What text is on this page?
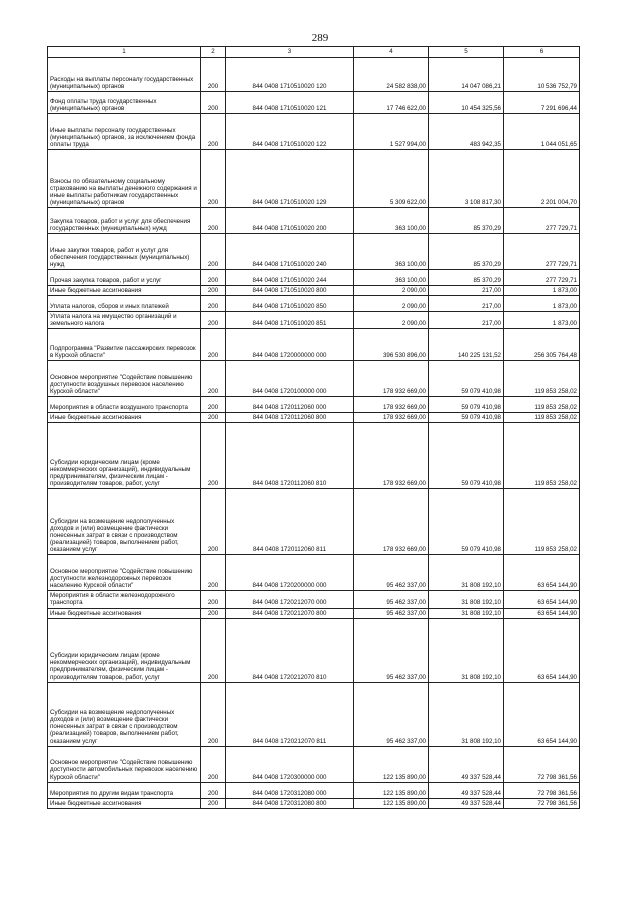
289
1	2	3	4	5	6
Расходы на выплаты персоналу государственных (муниципальных) органов	200	844 0408 1710510020 120	24 582 838,00	14 047 086,21	10 536 752,79
Фонд оплаты труда государственных (муниципальных) органов	200	844 0408 1710510020 121	17 746 622,00	10 454 325,56	7 291 696,44
Иные выплаты персоналу государственных (муниципальных) органов, за исключением фонда оплаты труда	200	844 0408 1710510020 122	1 527 994,00	483 942,35	1 044 051,65
Взносы по обязательному социальному страхованию на выплаты денежного содержания и иные выплаты работникам государственных (муниципальных) органов	200	844 0408 1710510020 129	5 309 622,00	3 108 817,30	2 201 004,70
Закупка товаров, работ и услуг для обеспечения государственных (муниципальных) нужд	200	844 0408 1710510020 200	363 100,00	85 370,29	277 729,71
Иные закупки товаров, работ и услуг для обеспечения государственных (муниципальных) нужд	200	844 0408 1710510020 240	363 100,00	85 370,29	277 729,71
Прочая закупка товаров, работ и услуг	200	844 0408 1710510020 244	363 100,00	85 370,29	277 729,71
Иные бюджетные ассигнования	200	844 0408 1710510020 800	2 090,00	217,00	1 873,00
Уплата налогов, сборов и иных платежей	200	844 0408 1710510020 850	2 090,00	217,00	1 873,00
Уплата налога на имущество организаций и земельного налога	200	844 0408 1710510020 851	2 090,00	217,00	1 873,00
Подпрограмма "Развитие пассажирских перевозок в Курской области"	200	844 0408 1720000000 000	396 530 896,00	140 225 131,52	256 305 764,48
Основное мероприятие "Содействие повышению доступности воздушных перевозок населению Курской области"	200	844 0408 1720100000 000	178 932 669,00	59 079 410,98	119 853 258,02
Мероприятия в области воздушного транспорта	200	844 0408 1720112060 000	178 932 669,00	59 079 410,98	119 853 258,02
Иные бюджетные ассигнования	200	844 0408 1720112060 800	178 932 669,00	59 079 410,98	119 853 258,02
Субсидии юридическим лицам (кроме некоммерческих организаций), индивидуальным предпринимателям, физическим лицам - производителям товаров, работ, услуг	200	844 0408 1720112060 810	178 932 669,00	59 079 410,98	119 853 258,02
Субсидии на возмещение недополученных доходов и (или) возмещение фактически понесенных затрат в связи с производством (реализацией) товаров, выполнением работ, оказанием услуг	200	844 0408 1720112060 811	178 932 669,00	59 079 410,98	119 853 258,02
Основное мероприятие "Содействие повышению доступности железнодорожных перевозок населению Курской области"	200	844 0408 1720200000 000	95 462 337,00	31 808 192,10	63 654 144,90
Мероприятия в области железнодорожного транспорта	200	844 0408 1720212070 000	95 462 337,00	31 808 192,10	63 654 144,90
Иные бюджетные ассигнования	200	844 0408 1720212070 800	95 462 337,00	31 808 192,10	63 654 144,90
Субсидии юридическим лицам (кроме некоммерческих организаций), индивидуальным предпринимателям, физическим лицам - производителям товаров, работ, услуг	200	844 0408 1720212070 810	95 462 337,00	31 808 192,10	63 654 144,90
Субсидии на возмещение недополученных доходов и (или) возмещение фактически понесенных затрат в связи с производством (реализацией) товаров, выполнением работ, оказанием услуг	200	844 0408 1720212070 811	95 462 337,00	31 808 192,10	63 654 144,90
Основное мероприятие "Содействие повышению доступности автомобильных перевозок населению Курской области"	200	844 0408 1720300000 000	122 135 890,00	49 337 528,44	72 798 361,56
Мероприятия по другим видам транспорта	200	844 0408 1720312080 000	122 135 890,00	49 337 528,44	72 798 361,56
Иные бюджетные ассигнования	200	844 0408 1720312080 800	122 135 890,00	49 337 528,44	72 798 361,56
